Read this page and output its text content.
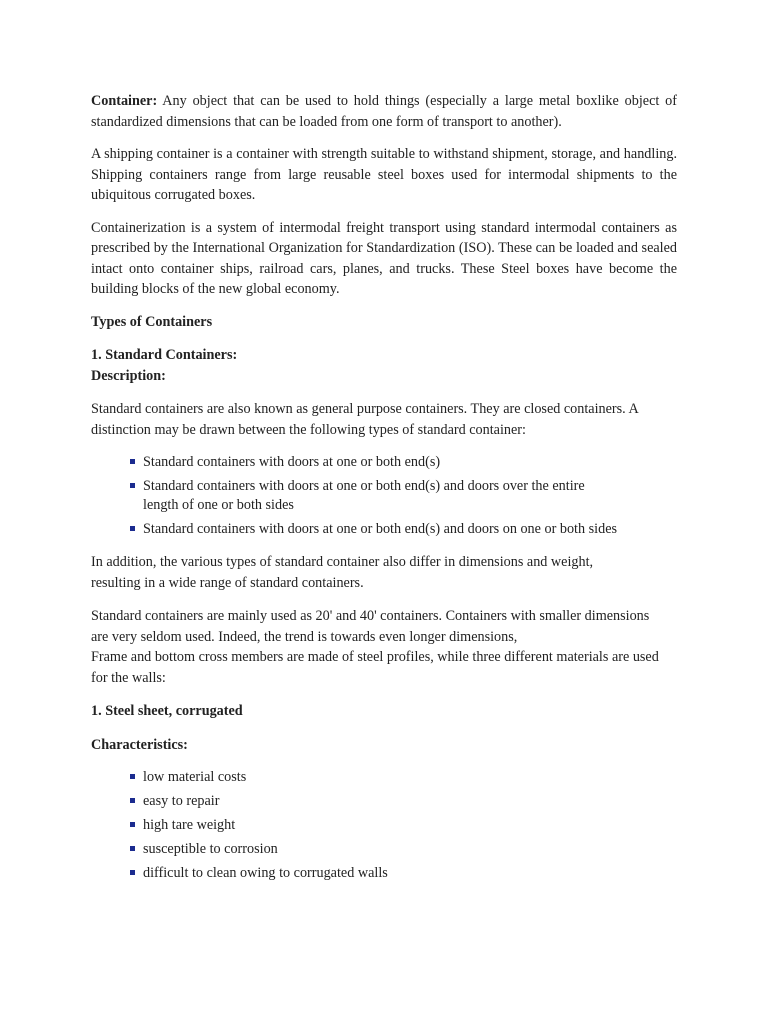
Container: Any object that can be used to hold things (especially a large metal boxlike object of standardized dimensions that can be loaded from one form of transport to another).

A shipping container is a container with strength suitable to withstand shipment, storage, and handling. Shipping containers range from large reusable steel boxes used for intermodal shipments to the ubiquitous corrugated boxes.

Containerization is a system of intermodal freight transport using standard intermodal containers as prescribed by the International Organization for Standardization (ISO). These can be loaded and sealed intact onto container ships, railroad cars, planes, and trucks. These Steel boxes have become the building blocks of the new global economy.

Types of Containers

1. Standard Containers:

Description:

Standard containers are also known as general purpose containers. They are closed containers. A distinction may be drawn between the following types of standard container:

Standard containers with doors at one or both end(s)
Standard containers with doors at one or both end(s) and doors over the entire length of one or both sides
Standard containers with doors at one or both end(s) and doors on one or both sides

In addition, the various types of standard container also differ in dimensions and weight, resulting in a wide range of standard containers.

Standard containers are mainly used as 20' and 40' containers. Containers with smaller dimensions are very seldom used. Indeed, the trend is towards even longer dimensions,
Frame and bottom cross members are made of steel profiles, while three different materials are used for the walls:

1. Steel sheet, corrugated

Characteristics:

low material costs
easy to repair
high tare weight
susceptible to corrosion
difficult to clean owing to corrugated walls
